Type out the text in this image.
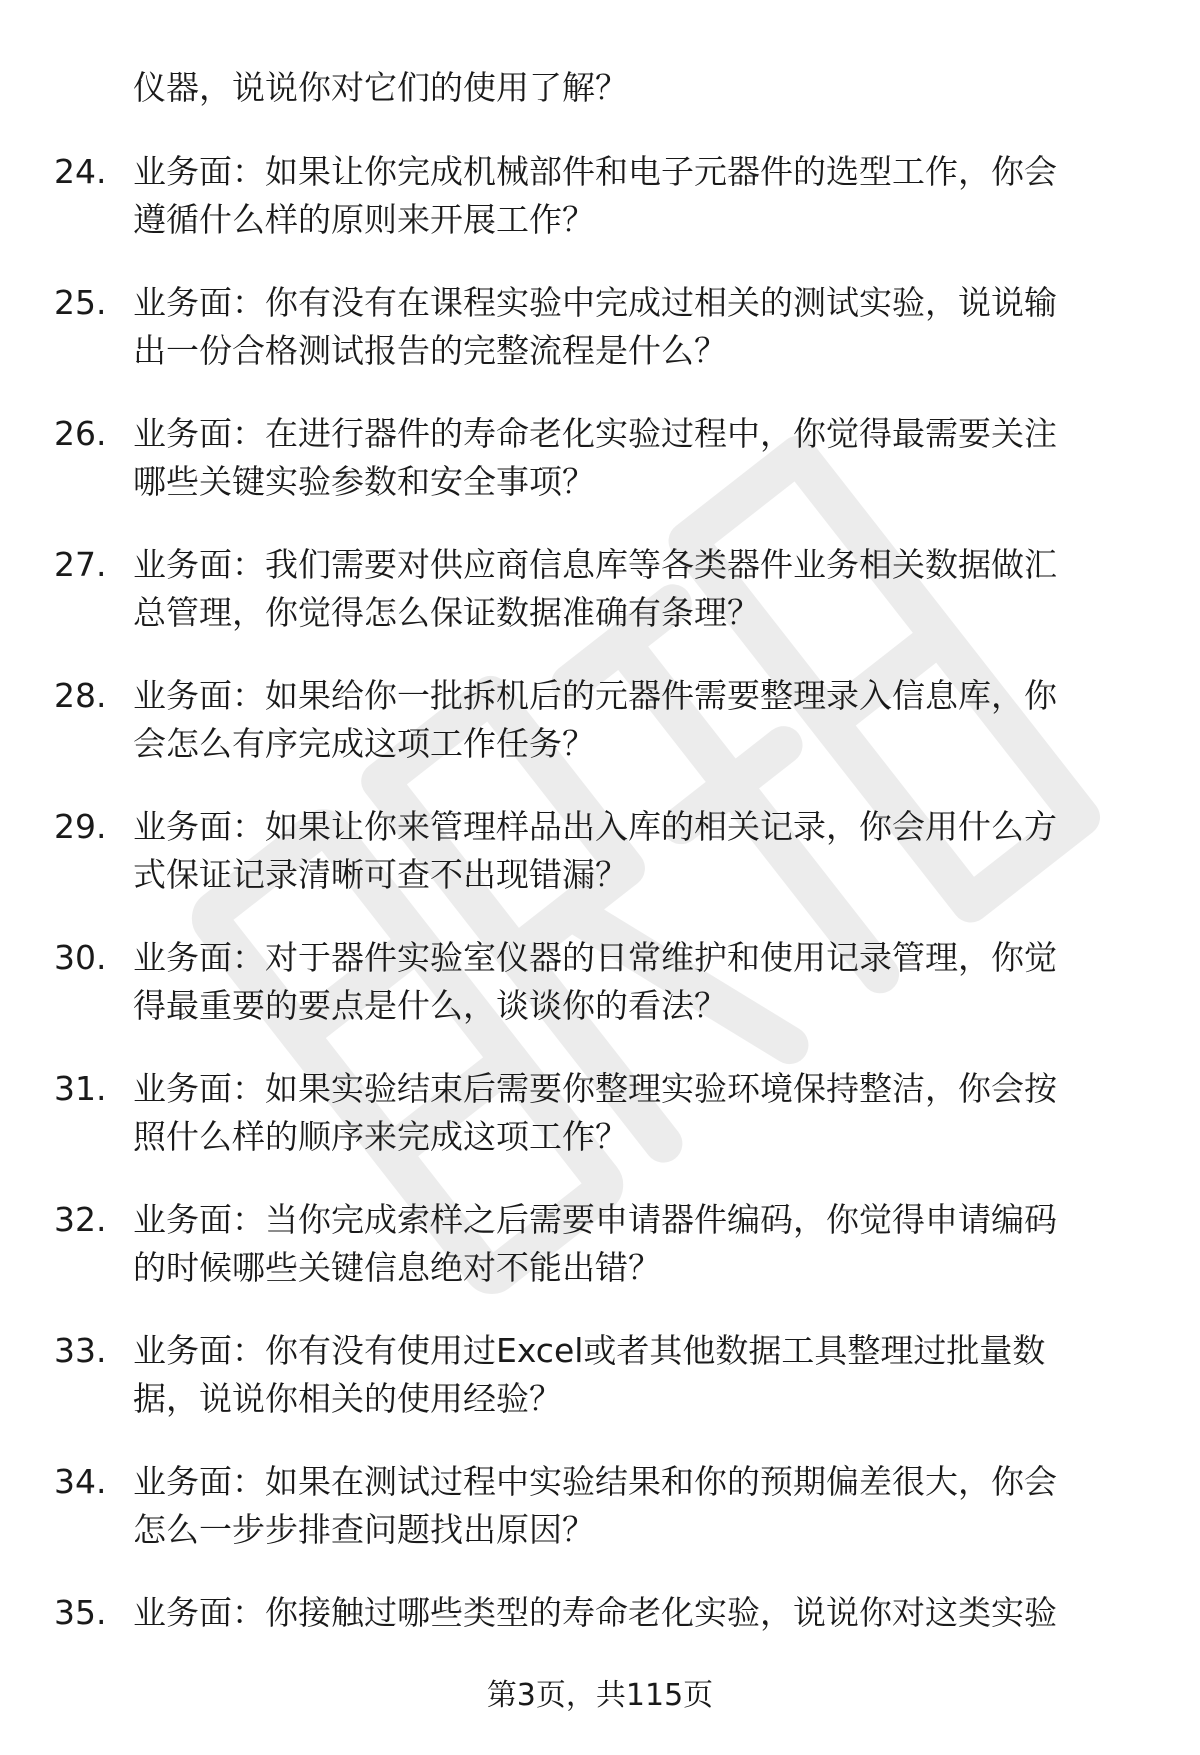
仪器，说说你对它们的使用了解？
24. 业务面：如果让你完成机械部件和电子元器件的选型工作，你会
遵循什么样的原则来开展工作？
25. 业务面：你有没有在课程实验中完成过相关的测试实验，说说输
出一份合格测试报告的完整流程是什么？
26. 业务面：在进行器件的寿命老化实验过程中，你觉得最需要关注
哪些关键实验参数和安全事项？
27. 业务面：我们需要对供应商信息库等各类器件业务相关数据做汇
总管理，你觉得怎么保证数据准确有条理？
28. 业务面：如果给你一批拆机后的元器件需要整理录入信息库，你
会怎么有序完成这项工作任务？
29. 业务面：如果让你来管理样品出入库的相关记录，你会用什么方
式保证记录清晰可查不出现错漏？
30. 业务面：对于器件实验室仪器的日常维护和使用记录管理，你觉
得最重要的要点是什么，谈谈你的看法？
31. 业务面：如果实验结束后需要你整理实验环境保持整洁，你会按
照什么样的顺序来完成这项工作？
32. 业务面：当你完成索样之后需要申请器件编码，你觉得申请编码
的时候哪些关键信息绝对不能出错？
33. 业务面：你有没有使用过Excel或者其他数据工具整理过批量数
据，说说你相关的使用经验？
34. 业务面：如果在测试过程中实验结果和你的预期偏差很大，你会
怎么一步步排查问题找出原因？
35. 业务面：你接触过哪些类型的寿命老化实验，说说你对这类实验
第3页，共115页
